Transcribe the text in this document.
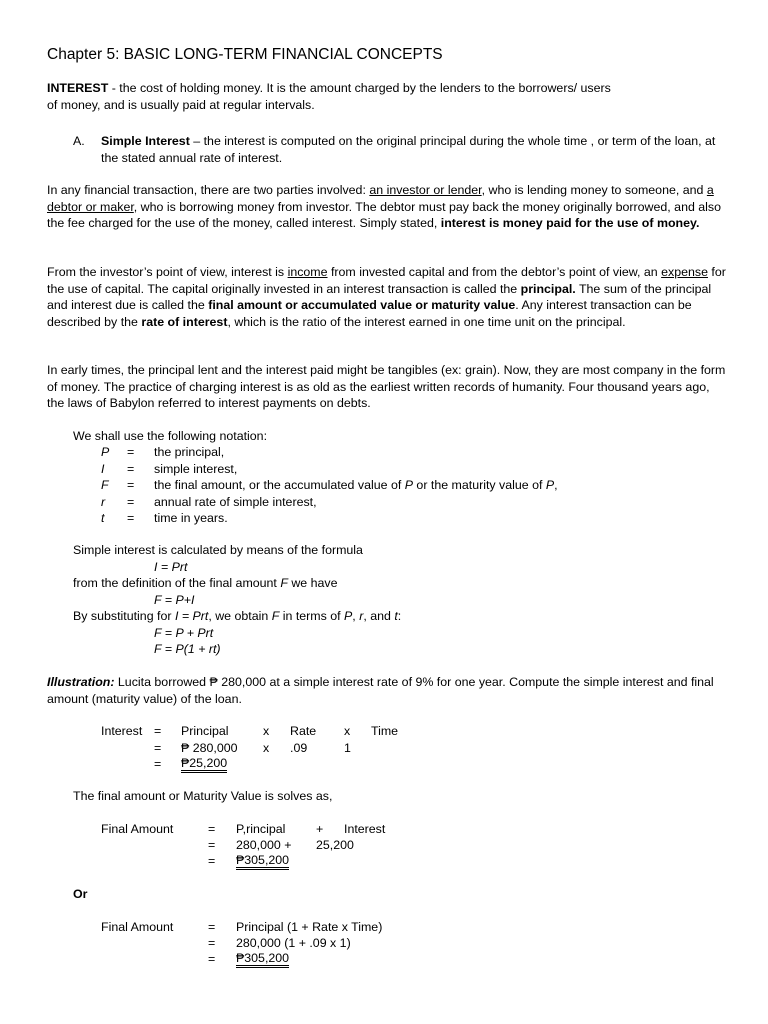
Chapter 5: BASIC LONG-TERM FINANCIAL CONCEPTS

INTEREST - the cost of holding money. It is the amount charged by the lenders to the borrowers/ users of money, and is usually paid at regular intervals.

A. Simple Interest – the interest is computed on the original principal during the whole time , or term of the loan, at the stated annual rate of interest.

In any financial transaction, there are two parties involved: an investor or lender, who is lending money to someone, and a debtor or maker, who is borrowing money from investor. The debtor must pay back the money originally borrowed, and also the fee charged for the use of the money, called interest. Simply stated, interest is money paid for the use of money.

From the investor’s point of view, interest is income from invested capital and from the debtor’s point of view, an expense for the use of capital. The capital originally invested in an interest transaction is called the principal. The sum of the principal and interest due is called the final amount or accumulated value or maturity value. Any interest transaction can be described by the rate of interest, which is the ratio of the interest earned in one time unit on the principal.

In early times, the principal lent and the interest paid might be tangibles (ex: grain). Now, they are most company in the form of money. The practice of charging interest is as old as the earliest written records of humanity. Four thousand years ago, the laws of Babylon referred to interest payments on debts.

We shall use the following notation:
P = the principal,
I = simple interest,
F = the final amount, or the accumulated value of P or the maturity value of P,
r = annual rate of simple interest,
t = time in years.
Simple interest is calculated by means of the formula
I = Prt
from the definition of the final amount F we have
F = P+I
By substituting for I = Prt, we obtain F in terms of P, r, and t:
F = P + Prt
F = P(1 + rt)

Illustration: Lucita borrowed ₱ 280,000 at a simple interest rate of 9% for one year. Compute the simple interest and final amount (maturity value) of the loan.

Interest = Principal	x Rate x Time
= ₱ 280,000 x .09	1
= ₱25,200
The final amount or Maturity Value is solves as,
Final Amount	= P,rincipal + Interest
= 280,000 + 25,200
= ₱305,200
Or
Final Amount	= Principal (1 + Rate x Time)
= 280,000 (1 + .09 x 1)
= ₱305,200
